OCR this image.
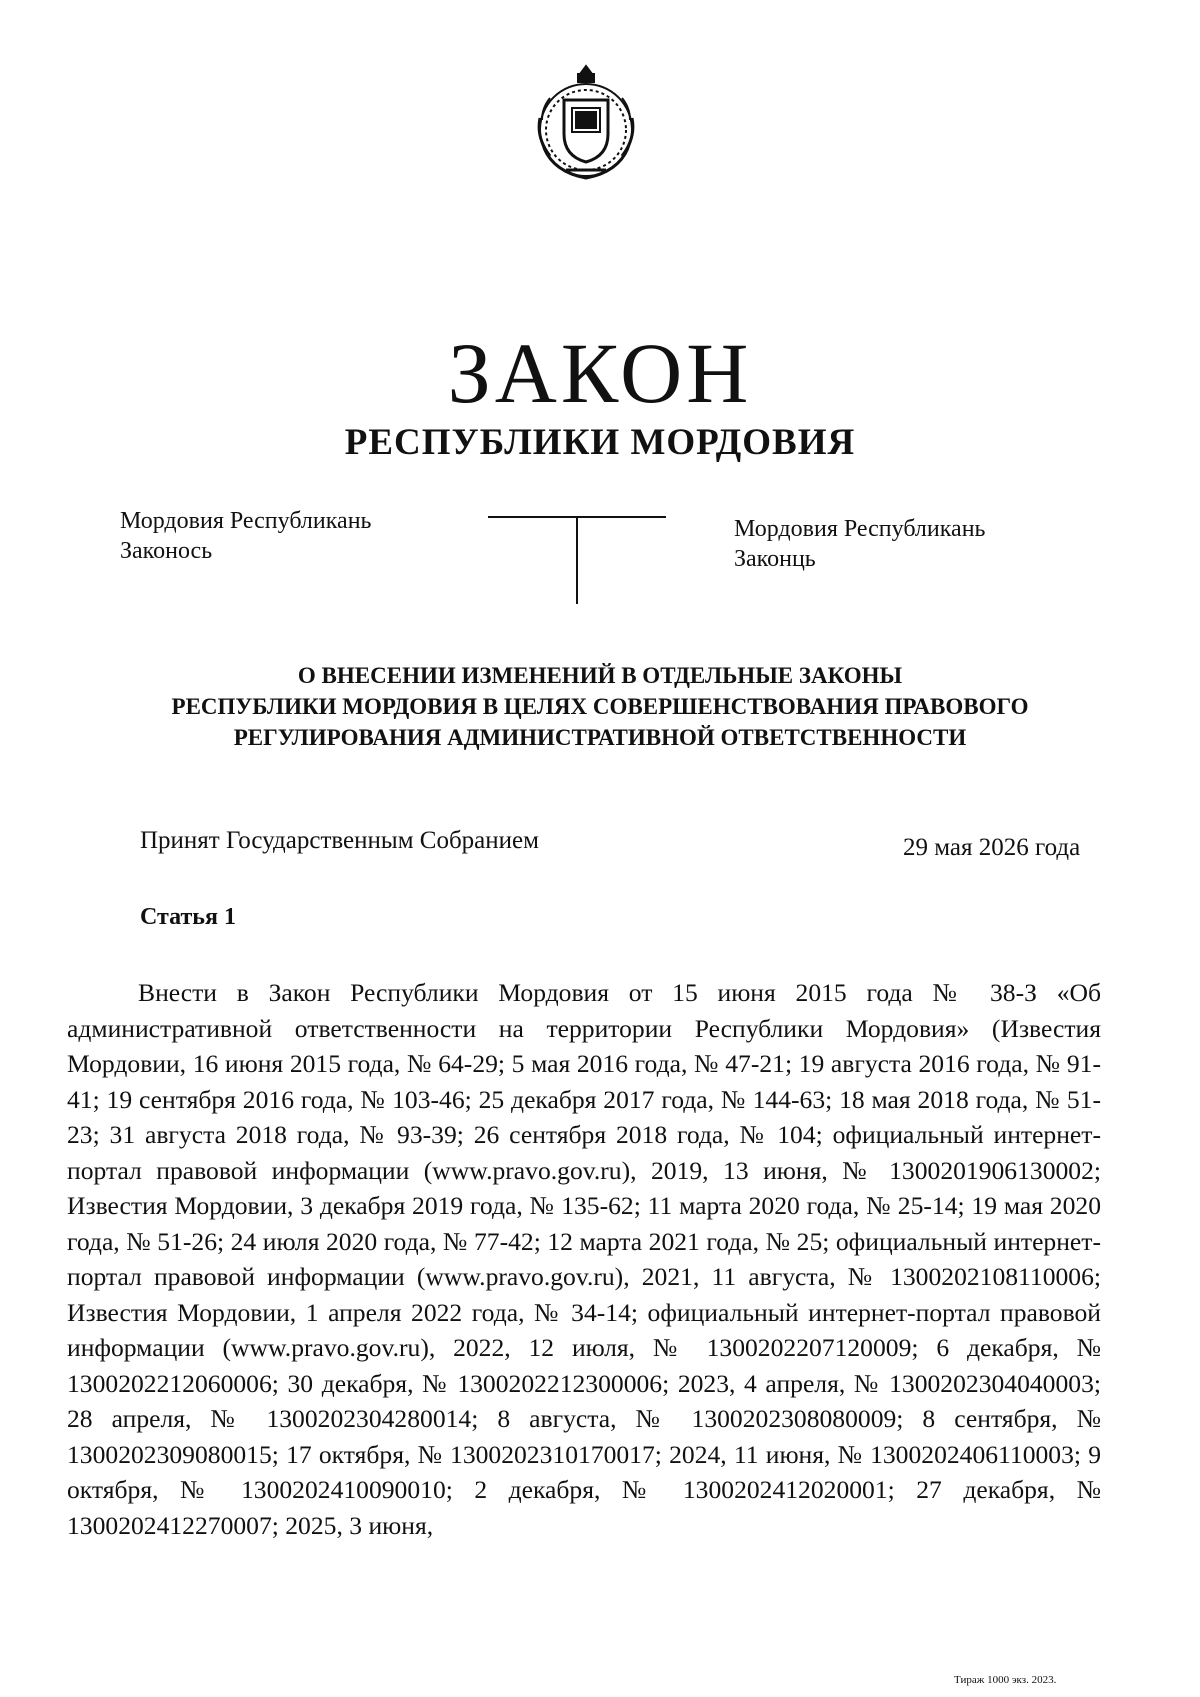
ЗАКОН
РЕСПУБЛИКИ МОРДОВИЯ
Мордовия Республикань
Законось
Мордовия Республикань
Законць
О ВНЕСЕНИИ ИЗМЕНЕНИЙ В ОТДЕЛЬНЫЕ ЗАКОНЫ
РЕСПУБЛИКИ МОРДОВИЯ В ЦЕЛЯХ СОВЕРШЕНСТВОВАНИЯ ПРАВОВОГО
РЕГУЛИРОВАНИЯ АДМИНИСТРАТИВНОЙ ОТВЕТСТВЕННОСТИ
Принят Государственным Собранием	29 мая 2026 года
Статья 1

Внести в Закон Республики Мордовия от 15 июня 2015 года № 38-З «Об административной ответственности на территории Республики Мордовия» (Известия Мордовии, 16 июня 2015 года, № 64-29; 5 мая 2016 года, № 47-21; 19 августа 2016 года, № 91-41; 19 сентября 2016 года, № 103-46; 25 декабря 2017 года, № 144-63; 18 мая 2018 года, № 51-23; 31 августа 2018 года, № 93-39; 26 сентября 2018 года, № 104; официальный интернет-портал правовой информации (www.pravo.gov.ru), 2019, 13 июня, № 1300201906130002; Известия Мордовии, 3 декабря 2019 года, № 135-62; 11 марта 2020 года, № 25-14; 19 мая 2020 года, № 51-26; 24 июля 2020 года, № 77-42; 12 марта 2021 года, № 25; официальный интернет-портал правовой информации (www.pravo.gov.ru), 2021, 11 августа, № 1300202108110006; Известия Мордовии, 1 апреля 2022 года, № 34-14; официальный интернет-портал правовой информации (www.pravo.gov.ru), 2022, 12 июля, № 1300202207120009; 6 декабря, № 1300202212060006; 30 декабря, № 1300202212300006; 2023, 4 апреля, № 1300202304040003; 28 апреля, № 1300202304280014; 8 августа, № 1300202308080009; 8 сентября, № 1300202309080015; 17 октября, № 1300202310170017; 2024, 11 июня, № 1300202406110003; 9 октября, № 1300202410090010; 2 декабря, № 1300202412020001; 27 декабря, № 1300202412270007; 2025, 3 июня,

Тираж 1000 экз. 2023.
